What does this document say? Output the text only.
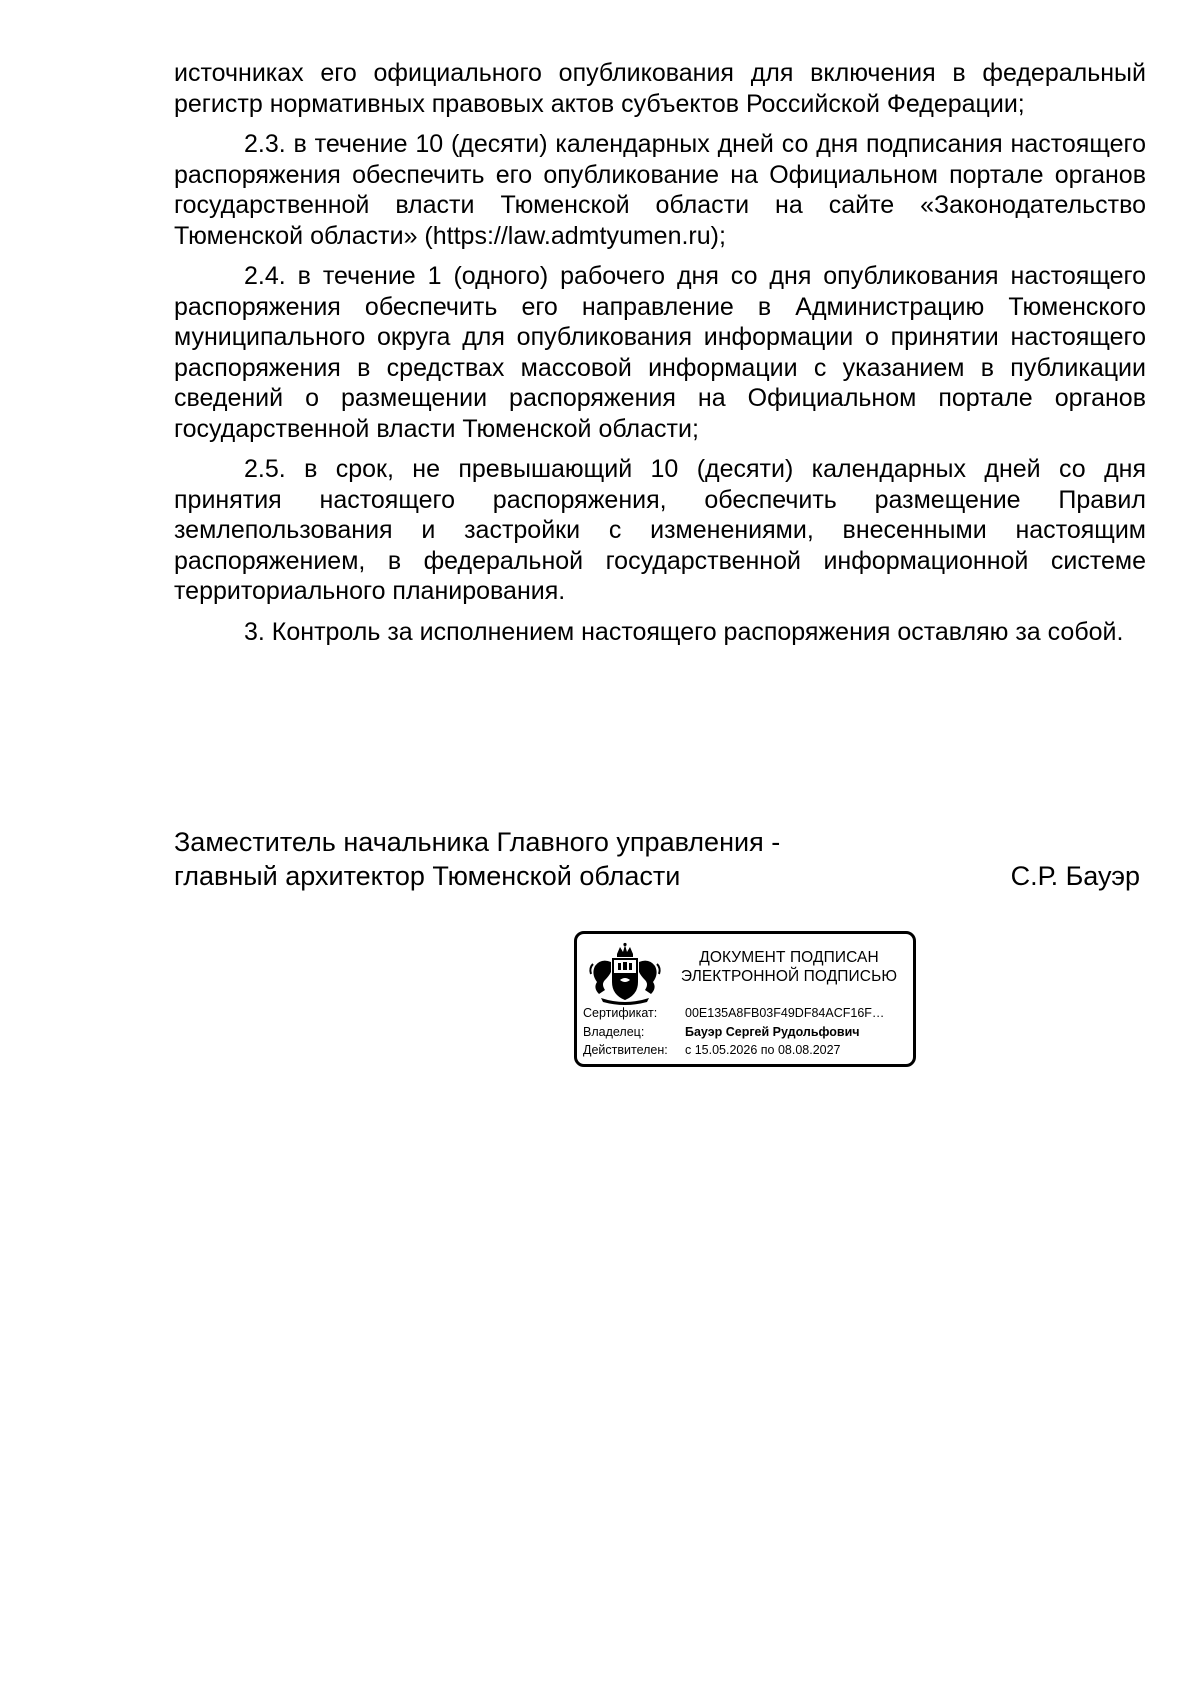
источниках его официального опубликования для включения в федеральный регистр нормативных правовых актов субъектов Российской Федерации;

2.3. в течение 10 (десяти) календарных дней со дня подписания настоящего распоряжения обеспечить его опубликование на Официальном портале органов государственной власти Тюменской области на сайте «Законодательство Тюменской области» (https://law.admtyumen.ru);

2.4. в течение 1 (одного) рабочего дня со дня опубликования настоящего распоряжения обеспечить его направление в Администрацию Тюменского муниципального округа для опубликования информации о принятии настоящего распоряжения в средствах массовой информации с указанием в публикации сведений о размещении распоряжения на Официальном портале органов государственной власти Тюменской области;

2.5. в срок, не превышающий 10 (десяти) календарных дней со дня принятия настоящего распоряжения, обеспечить размещение Правил землепользования и застройки с изменениями, внесенными настоящим распоряжением, в федеральной государственной информационной системе территориального планирования.

3. Контроль за исполнением настоящего распоряжения оставляю за собой.

Заместитель начальника Главного управления -
главный архитектор Тюменской области	С.Р. Бауэр
ДОКУМЕНТ ПОДПИСАН
ЭЛЕКТРОННОЙ ПОДПИСЬЮ
Сертификат:	00E135A8FB03F49DF84ACF16F…
Владелец:	Бауэр Сергей Рудольфович
Действителен:	с 15.05.2026 по 08.08.2027
